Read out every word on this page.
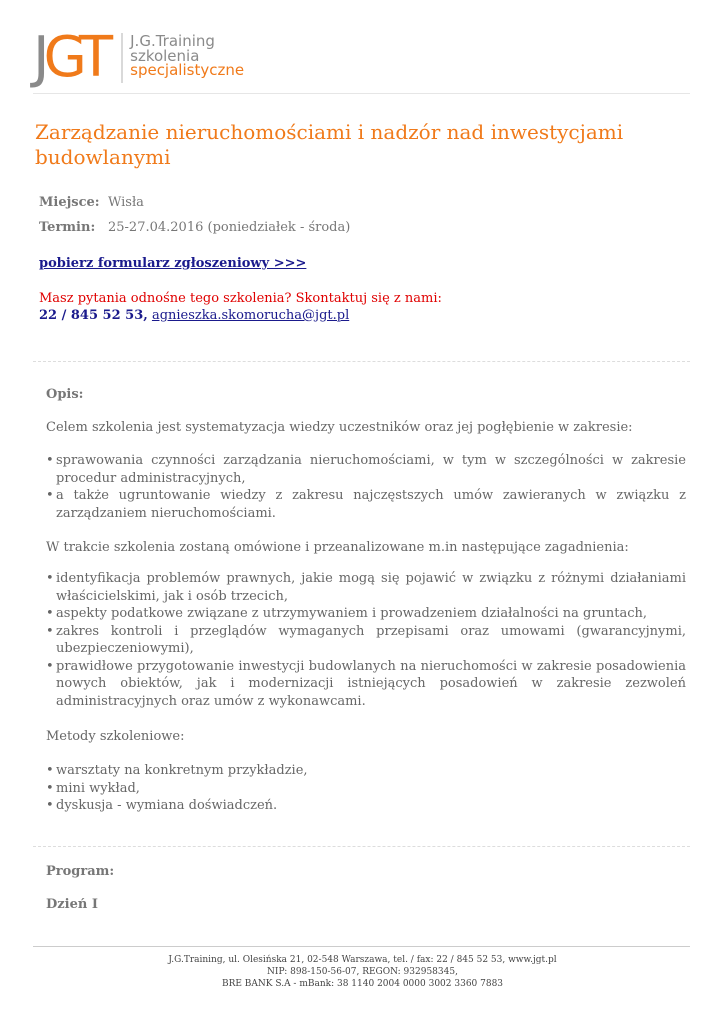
J GT J.G.Training
szkolenia
specjalistyczne
Zarządzanie nieruchomościami i nadzór nad inwestycjami budowlanymi
Miejsce: Wisła
Termin: 25-27.04.2016 (poniedziałek - środa)
pobierz formularz zgłoszeniowy >>>
Masz pytania odnośne tego szkolenia? Skontaktuj się z nami:
22 / 845 52 53, agnieszka.skomorucha@jgt.pl

Opis:

Celem szkolenia jest systematyzacja wiedzy uczestników oraz jej pogłębienie w zakresie:

• sprawowania czynności zarządzania nieruchomościami, w tym w szczególności w zakresie procedur administracyjnych,
• a także ugruntowanie wiedzy z zakresu najczęstszych umów zawieranych w związku z zarządzaniem nieruchomościami.

W trakcie szkolenia zostaną omówione i przeanalizowane m.in następujące zagadnienia:

• identyfikacja problemów prawnych, jakie mogą się pojawić w związku z różnymi działaniami właścicielskimi, jak i osób trzecich,
• aspekty podatkowe związane z utrzymywaniem i prowadzeniem działalności na gruntach,
• zakres kontroli i przeglądów wymaganych przepisami oraz umowami (gwarancyjnymi, ubezpieczeniowymi),
• prawidłowe przygotowanie inwestycji budowlanych na nieruchomości w zakresie posadowienia nowych obiektów, jak i modernizacji istniejących posadowień w zakresie zezwoleń administracyjnych oraz umów z wykonawcami.

Metody szkoleniowe:

• warsztaty na konkretnym przykładzie,
• mini wykład,
• dyskusja - wymiana doświadczeń.

Program:

Dzień I

J.G.Training, ul. Olesińska 21, 02-548 Warszawa, tel. / fax: 22 / 845 52 53, www.jgt.pl
NIP: 898-150-56-07, REGON: 932958345,
BRE BANK S.A - mBank: 38 1140 2004 0000 3002 3360 7883
